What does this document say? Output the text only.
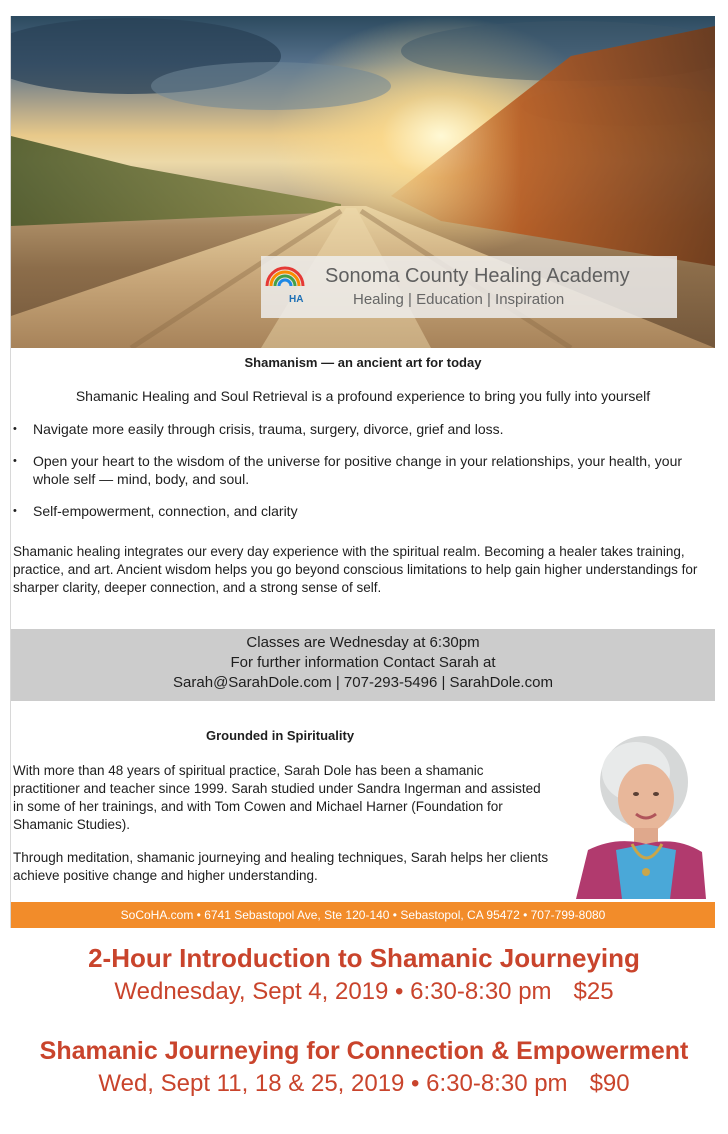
HA
Sonoma County Healing Academy
Healing | Education | Inspiration
Shamanism — an ancient art for today
Shamanic Healing and Soul Retrieval is a profound experience to bring you fully into yourself
• Navigate more easily through crisis, trauma, surgery, divorce, grief and loss.
• Open your heart to the wisdom of the universe for positive change in your relationships, your health, your whole self — mind, body, and soul.
• Self-empowerment, connection, and clarity
Shamanic healing integrates our every day experience with the spiritual realm. Becoming a healer takes training, practice, and art. Ancient wisdom helps you go beyond conscious limitations to help gain higher understandings for sharper clarity, deeper connection, and a strong sense of self.
Classes are Wednesday at 6:30pm
For further information Contact Sarah at
Sarah@SarahDole.com | 707-293-5496 | SarahDole.com
Grounded in Spirituality
With more than 48 years of spiritual practice, Sarah Dole has been a shamanic practitioner and teacher since 1999. Sarah studied under Sandra Ingerman and assisted in some of her trainings, and with Tom Cowen and Michael Harner (Foundation for Shamanic Studies).
Through meditation, shamanic journeying and healing techniques, Sarah helps her clients achieve positive change and higher understanding.
SoCoHA.com • 6741 Sebastopol Ave, Ste 120-140 • Sebastopol, CA 95472 • 707-799-8080
2-Hour Introduction to Shamanic Journeying
Wednesday, Sept 4, 2019 • 6:30-8:30 pm $25
Shamanic Journeying for Connection & Empowerment
Wed, Sept 11, 18 & 25, 2019 • 6:30-8:30 pm $90
